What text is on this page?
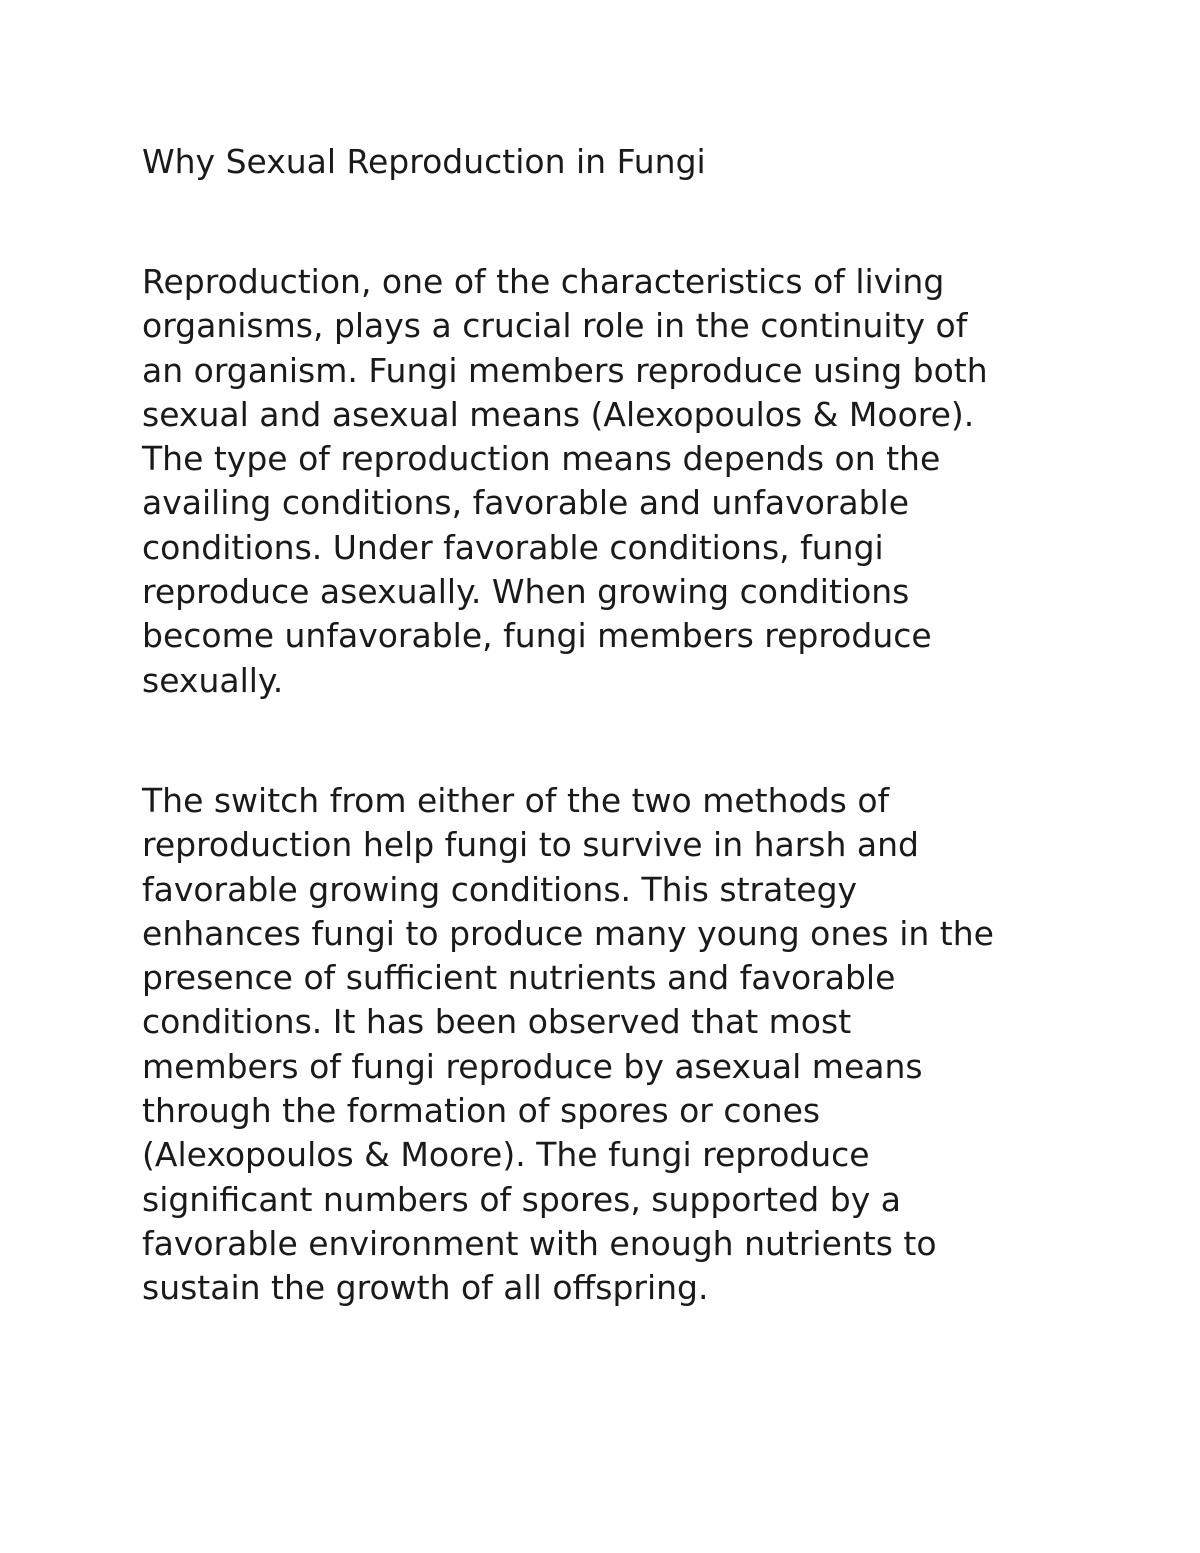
Why Sexual Reproduction in Fungi
Reproduction, one of the characteristics of living
organisms, plays a crucial role in the continuity of
an organism. Fungi members reproduce using both
sexual and asexual means (Alexopoulos & Moore).
The type of reproduction means depends on the
availing conditions, favorable and unfavorable
conditions. Under favorable conditions, fungi
reproduce asexually. When growing conditions
become unfavorable, fungi members reproduce
sexually.
The switch from either of the two methods of
reproduction help fungi to survive in harsh and
favorable growing conditions. This strategy
enhances fungi to produce many young ones in the
presence of sufficient nutrients and favorable
conditions. It has been observed that most
members of fungi reproduce by asexual means
through the formation of spores or cones
(Alexopoulos & Moore). The fungi reproduce
significant numbers of spores, supported by a
favorable environment with enough nutrients to
sustain the growth of all offspring.
